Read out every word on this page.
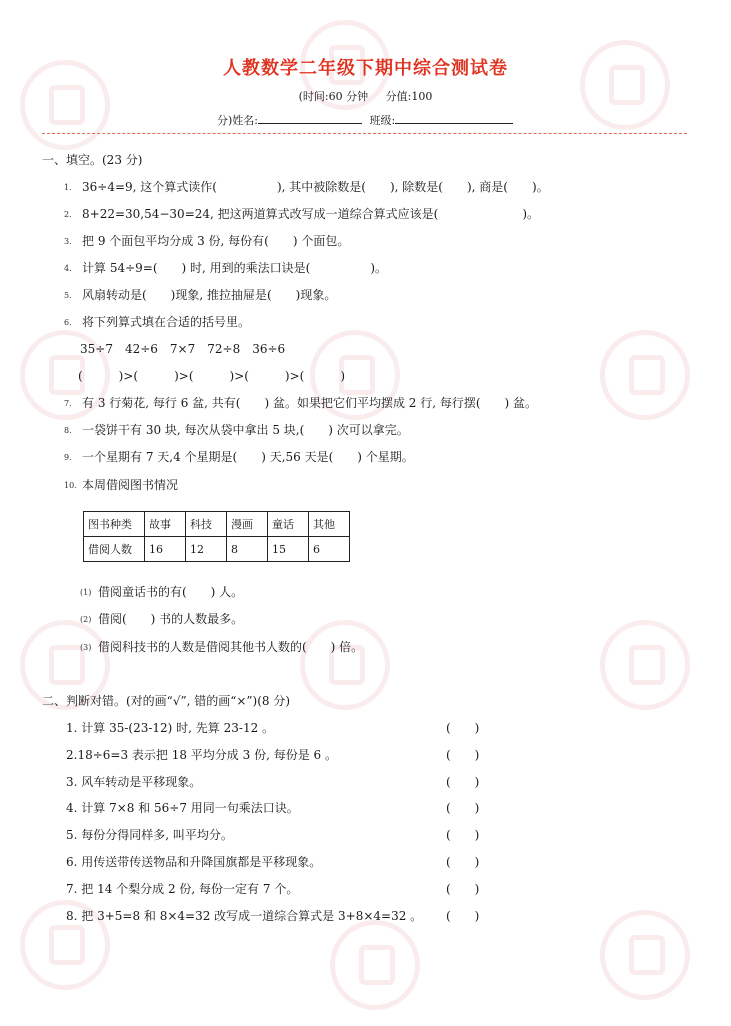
人教数学二年级下期中综合测试卷
(时间:60 分钟 分值:100
分)姓名:	班级:
一、填空。(23 分)
1. 36÷4=9, 这个算式读作(　　　　　), 其中被除数是(　　), 除数是(　　), 商是(　　)。
2. 8+22=30,54−30=24, 把这两道算式改写成一道综合算式应该是(　　　　　　　)。
3. 把 9 个面包平均分成 3 份, 每份有(　　) 个面包。
4. 计算 54÷9=(　　) 时, 用到的乘法口诀是(　　　　　)。
5. 风扇转动是(　　)现象, 推拉抽屉是(　　)现象。
6. 将下列算式填在合适的括号里。
35÷7　42÷6　7×7　72÷8　36÷6
(　　　)>(　　　)>(　　　)>(　　　)>(　　　)
7. 有 3 行菊花, 每行 6 盆, 共有(　　) 盆。如果把它们平均摆成 2 行, 每行摆(　　) 盆。
8. 一袋饼干有 30 块, 每次从袋中拿出 5 块,(　　) 次可以拿完。
9. 一个星期有 7 天,4 个星期是(　　) 天,56 天是(　　) 个星期。
10. 本周借阅图书情况
图书种类	故事	科技	漫画	童话	其他
借阅人数	16	12	8	15	6
(1) 借阅童话书的有(　　) 人。
(2) 借阅(　　) 书的人数最多。
(3) 借阅科技书的人数是借阅其他书人数的(　　) 倍。
二、判断对错。(对的画“√”, 错的画“×”)(8 分)
1. 计算 35-(23-12) 时, 先算 23-12 。	(　　)
2.18÷6=3 表示把 18 平均分成 3 份, 每份是 6 。	(　　)
3. 风车转动是平移现象。	(　　)
4. 计算 7×8 和 56÷7 用同一句乘法口诀。	(　　)
5. 每份分得同样多, 叫平均分。	(　　)
6. 用传送带传送物品和升降国旗都是平移现象。	(　　)
7. 把 14 个梨分成 2 份, 每份一定有 7 个。	(　　)
8. 把 3+5=8 和 8×4=32 改写成一道综合算式是 3+8×4=32 。 (　　)
